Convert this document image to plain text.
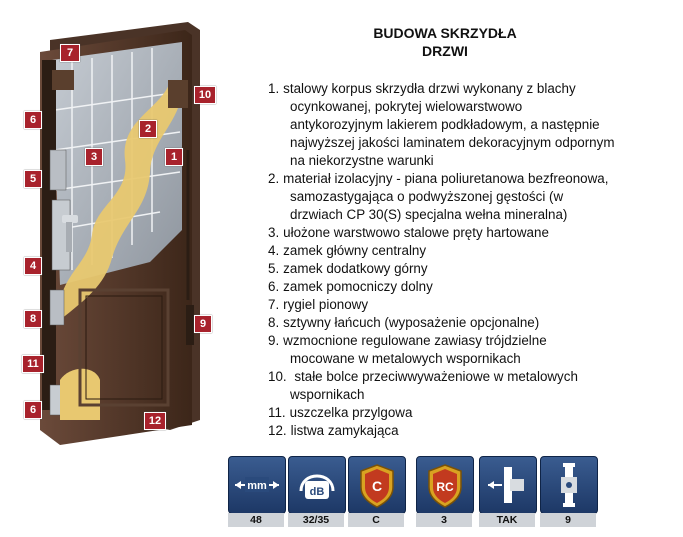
7
10
6
2
3	1
5
4
8	9
11
6
12
BUDOWA SKRZYDŁA
DRZWI
1. stalowy korpus skrzydła drzwi wykonany z blachy
ocynkowanej, pokrytej wielowarstwowo
antykorozyjnym lakierem podkładowym, a następnie
najwyższej jakości laminatem dekoracyjnym odpornym
na niekorzystne warunki
2. materiał izolacyjny - piana poliuretanowa bezfreonowa,
samozastygająca o podwyższonej gęstości (w
drzwiach CP 30(S) specjalna wełna mineralna)
3. ułożone warstwowo stalowe pręty hartowane
4. zamek główny centralny
5. zamek dodatkowy górny
6. zamek pomocniczy dolny
7. rygiel pionowy
8. sztywny łańcuch (wyposażenie opcjonalne)
9. wzmocnione regulowane zawiasy trójdzielne
mocowane w metalowych wspornikach
10. stałe bolce przeciwwyważeniowe w metalowych
wspornikach
11. uszczelka przylgowa
12. listwa zamykająca
mm
48
dB
32/35
C
C
RC
3	TAK	9
